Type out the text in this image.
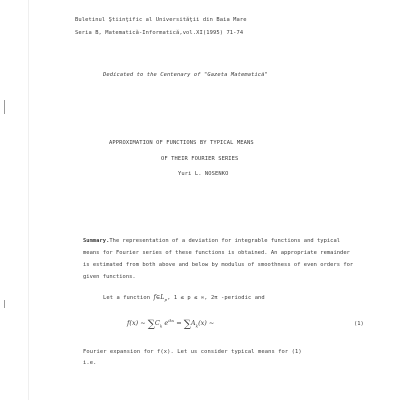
Buletinul Ştiinţific al Universităţii din Baia Mare
Seria B, Matematică-Informatică,vol.XI(1995) 71-74
Dedicated to the Centenary of "Gazeta Matematică"
APPROXIMATION OF FUNCTIONS BY TYPICAL MEANS
OF THEIR FOURIER SERIES
Yuri L. NOSENKO
Summary.The representation of a deviation for integrable functions and typical means for Fourier series of these functions is obtained. An appropriate remainder is estimated from both above and below by modulus of smoothness of even orders for given functions.
Let a function $f\in L_p$, 1 ≤ p ≤ ∞, 2π -periodic and
f(x) ~ $\sum C_k$ $e^{ikx} = \sum A_k(x)$ ~	(1)
Fourier expansion for f(x). Let us consider typical means for (1)
i.e.
